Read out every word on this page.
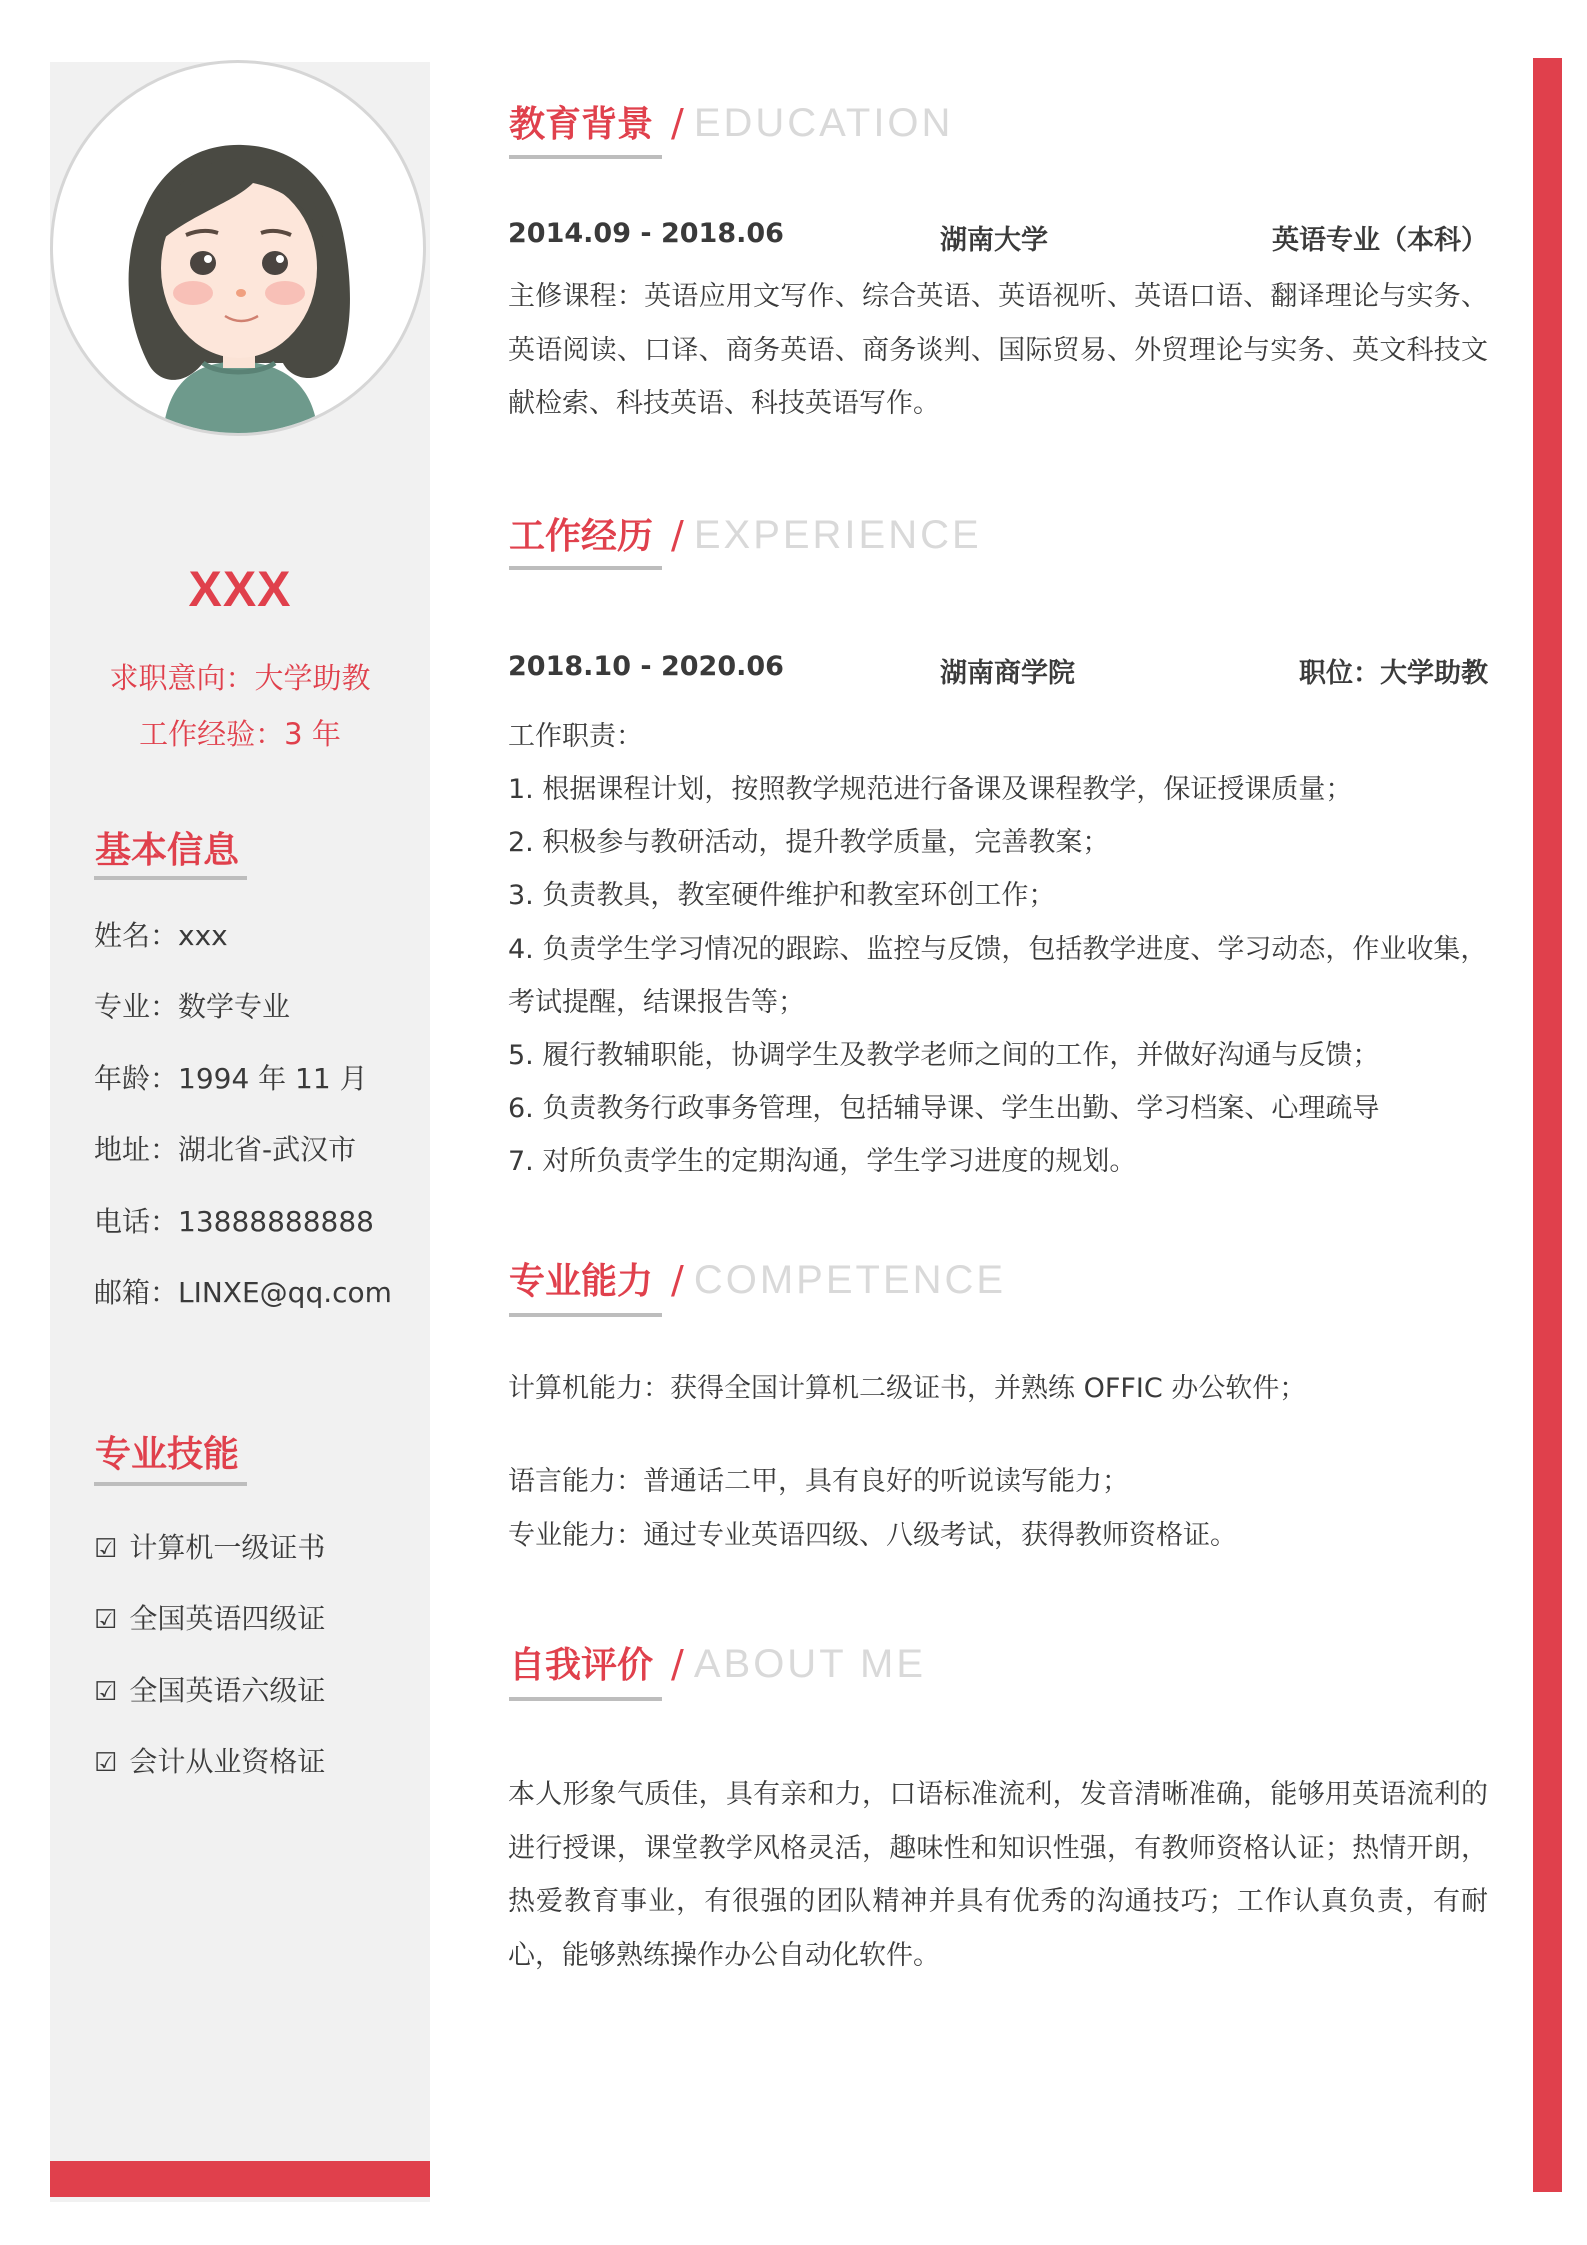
XXX
求职意向：大学助教
工作经验：3 年
基本信息
姓名：xxx
专业：数学专业
年龄：1994 年 11 月
地址：湖北省-武汉市
电话：13888888888
邮箱：LINXE@qq.com
专业技能
☑ 计算机一级证书
☑ 全国英语四级证
☑ 全国英语六级证
☑ 会计从业资格证
教育背景 / EDUCATION
2014.09 - 2018.06	湖南大学	英语专业（本科）
主修课程：英语应用文写作、综合英语、英语视听、英语口语、翻译理论与实务、英语阅读、口译、商务英语、商务谈判、国际贸易、外贸理论与实务、英文科技文献检索、科技英语、科技英语写作。
工作经历 / EXPERIENCE
2018.10 - 2020.06	湖南商学院	职位：大学助教
工作职责：
1. 根据课程计划，按照教学规范进行备课及课程教学，保证授课质量；
2. 积极参与教研活动，提升教学质量，完善教案；
3. 负责教具，教室硬件维护和教室环创工作；
4. 负责学生学习情况的跟踪、监控与反馈，包括教学进度、学习动态，作业收集，
考试提醒，结课报告等；
5. 履行教辅职能，协调学生及教学老师之间的工作，并做好沟通与反馈；
6. 负责教务行政事务管理，包括辅导课、学生出勤、学习档案、心理疏导
7. 对所负责学生的定期沟通，学生学习进度的规划。
专业能力 / COMPETENCE
计算机能力：获得全国计算机二级证书，并熟练 OFFIC 办公软件；
语言能力：普通话二甲，具有良好的听说读写能力；
专业能力：通过专业英语四级、八级考试，获得教师资格证。
自我评价 / ABOUT ME
本人形象气质佳，具有亲和力，口语标准流利，发音清晰准确，能够用英语流利的进行授课，课堂教学风格灵活，趣味性和知识性强，有教师资格认证；热情开朗，热爱教育事业，有很强的团队精神并具有优秀的沟通技巧；工作认真负责，有耐心，能够熟练操作办公自动化软件。
